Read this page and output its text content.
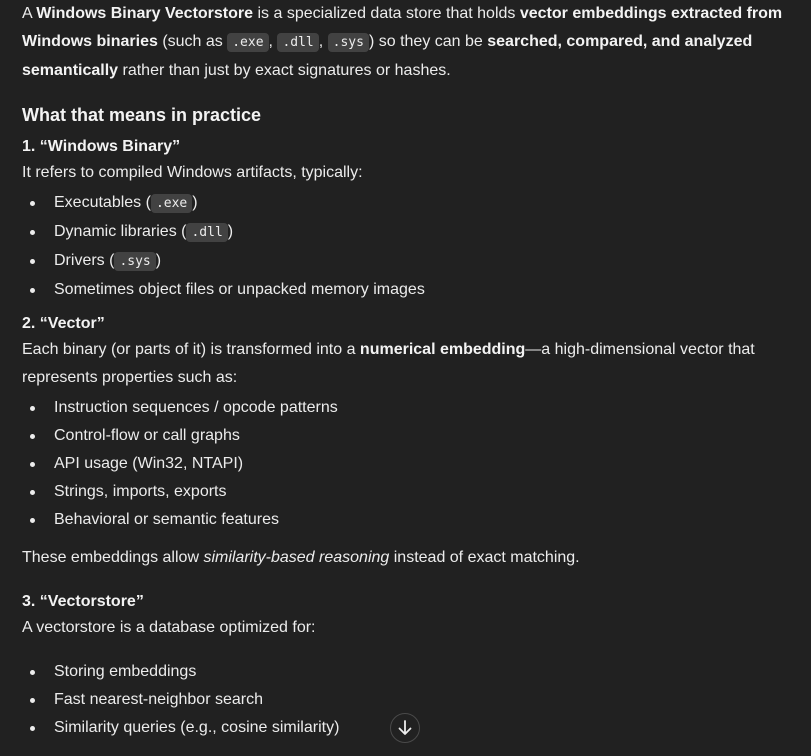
A Windows Binary Vectorstore is a specialized data store that holds vector embeddings extracted from Windows binaries (such as .exe , .dll , .sys ) so they can be searched, compared, and analyzed semantically rather than just by exact signatures or hashes.

What that means in practice
1. “Windows Binary”

It refers to compiled Windows artifacts, typically:

Executables ( .exe )
Dynamic libraries ( .dll )
Drivers ( .sys )
Sometimes object files or unpacked memory images
2. “Vector”

Each binary (or parts of it) is transformed into a numerical embedding—a high-dimensional vector that represents properties such as:

Instruction sequences / opcode patterns
Control-flow or call graphs
API usage (Win32, NTAPI)
Strings, imports, exports
Behavioral or semantic features

These embeddings allow similarity-based reasoning instead of exact matching.

3. “Vectorstore”

A vectorstore is a database optimized for:

Storing embeddings
Fast nearest-neighbor search
Similarity queries (e.g., cosine similarity)
